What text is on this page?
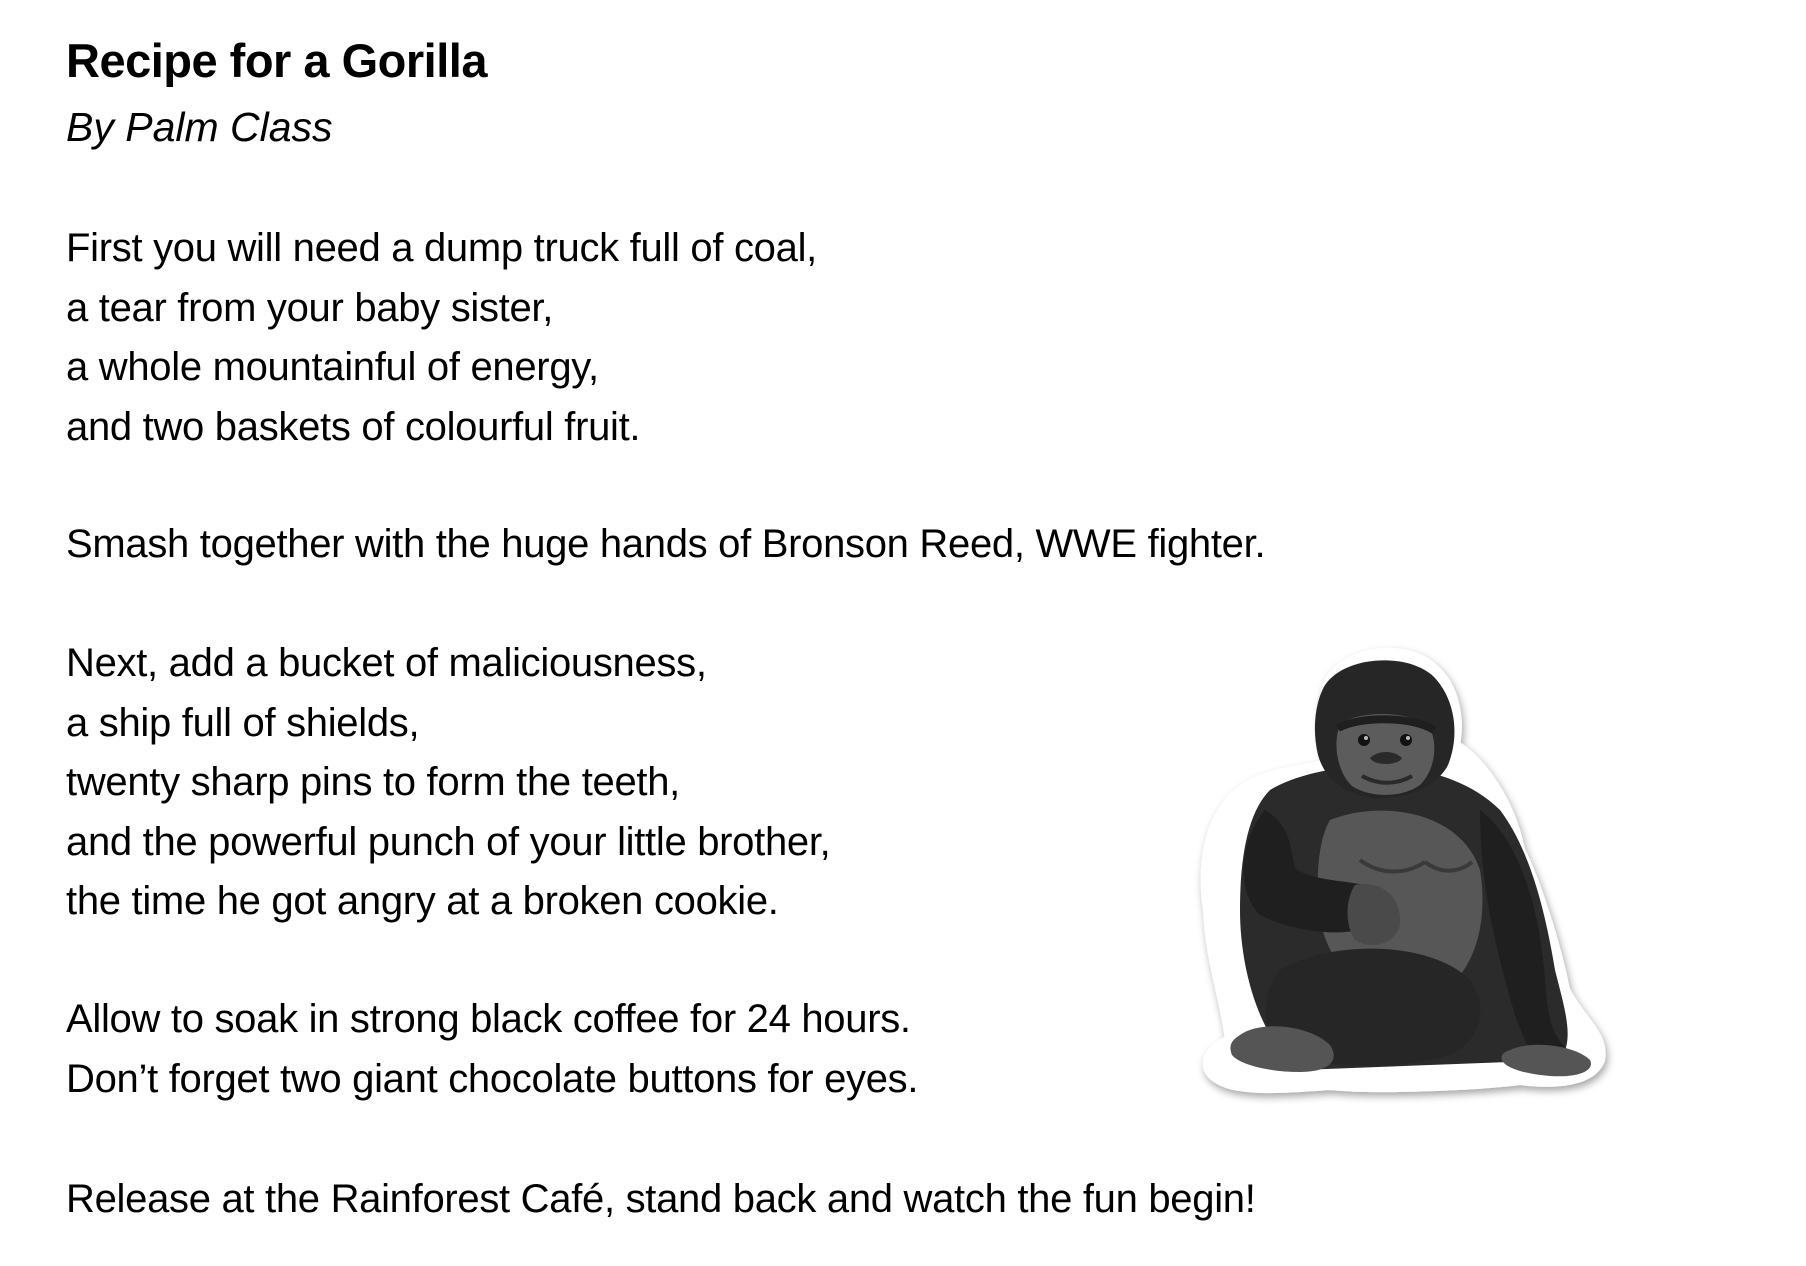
Recipe for a Gorilla
By Palm Class
First you will need a dump truck full of coal,
a tear from your baby sister,
a whole mountainful of energy,
and two baskets of colourful fruit.
Smash together with the huge hands of Bronson Reed, WWE fighter.
Next, add a bucket of maliciousness,
a ship full of shields,
twenty sharp pins to form the teeth,
and the powerful punch of your little brother,
the time he got angry at a broken cookie.
Allow to soak in strong black coffee for 24 hours.
Don’t forget two giant chocolate buttons for eyes.
Release at the Rainforest Café, stand back and watch the fun begin!
